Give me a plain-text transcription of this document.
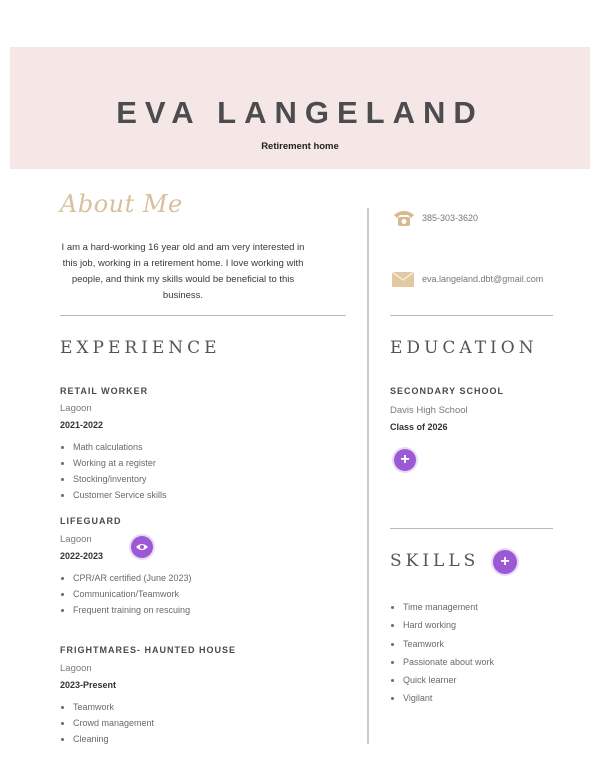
EVA LANGELAND
Retirement home
About Me
I am a hard-working 16 year old and am very interested in this job, working in a retirement home. I love working with people, and think my skills would be beneficial to this business.
385-303-3620
eva.langeland.dbt@gmail.com
EXPERIENCE
RETAIL WORKER
Lagoon
2021-2022
• Math calculations
• Working at a register
• Stocking/inventory
• Customer Service skills
LIFEGUARD
Lagoon
2022-2023
• CPR/AR certified (June 2023)
• Communication/Teamwork
• Frequent training on rescuing
FRIGHTMARES- HAUNTED HOUSE
Lagoon
2023-Present
• Teamwork
• Crowd management
• Cleaning
EDUCATION
SECONDARY SCHOOL
Davis High School
Class of 2026
+
SKILLS	+
• Time management
• Hard working
• Teamwork
• Passionate about work
• Quick learner
• Vigilant
